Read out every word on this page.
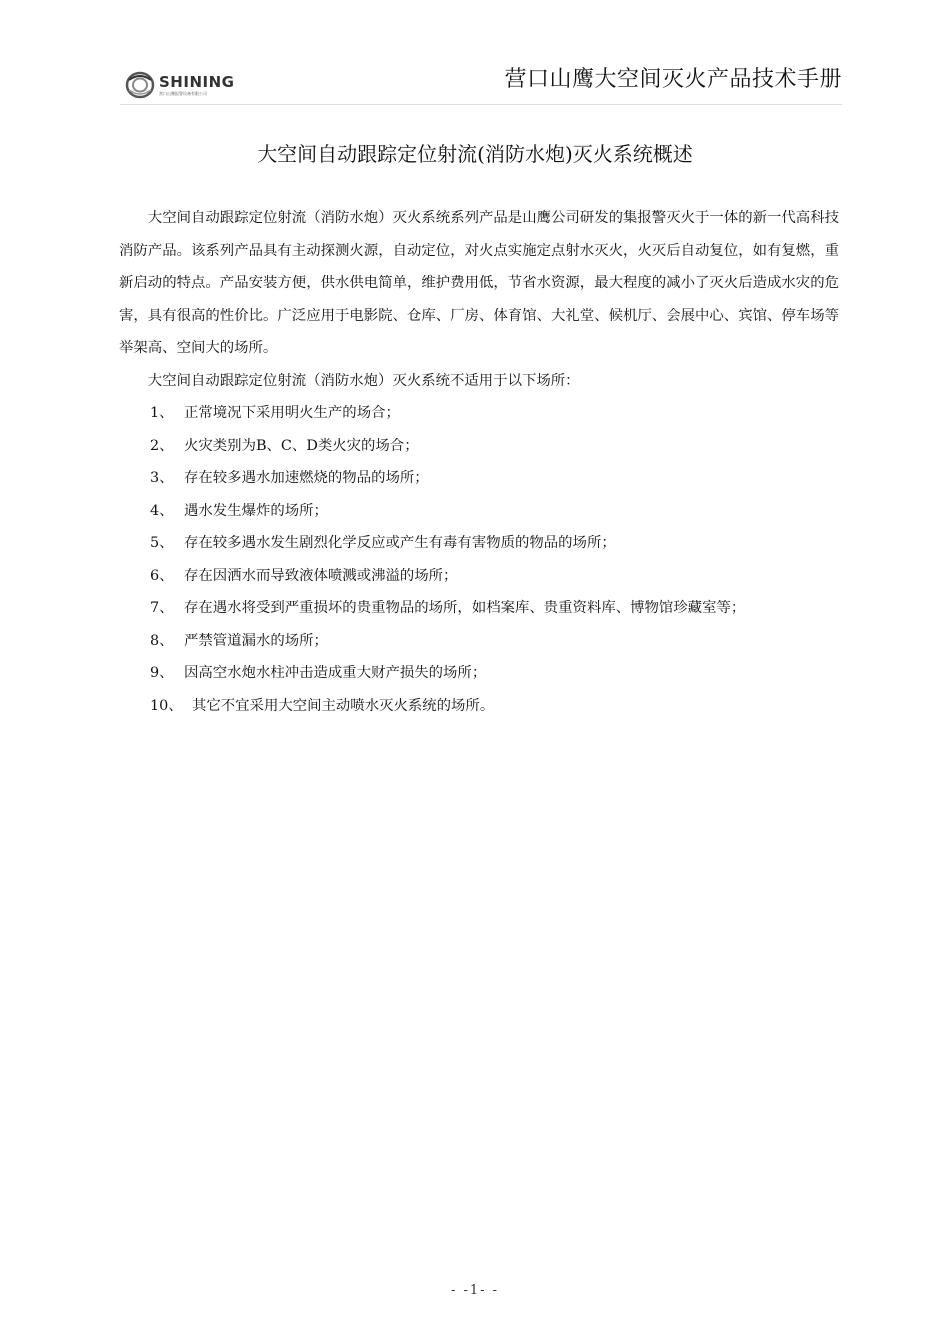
SHINING
营口山鹰报警设备有限公司
营口山鹰大空间灭火产品技术手册
大空间自动跟踪定位射流(消防水炮)灭火系统概述

大空间自动跟踪定位射流（消防水炮）灭火系统系列产品是山鹰公司研发的集报警灭火于一体的新一代高科技消防产品。该系列产品具有主动探测火源，自动定位，对火点实施定点射水灭火，火灭后自动复位，如有复燃，重新启动的特点。产品安装方便，供水供电简单，维护费用低，节省水资源，最大程度的减小了灭火后造成水灾的危害，具有很高的性价比。广泛应用于电影院、仓库、厂房、体育馆、大礼堂、候机厅、会展中心、宾馆、停车场等举架高、空间大的场所。

大空间自动跟踪定位射流（消防水炮）灭火系统不适用于以下场所：

1、 正常境况下采用明火生产的场合；
2、 火灾类别为B、C、D类火灾的场合；
3、 存在较多遇水加速燃烧的物品的场所；
4、 遇水发生爆炸的场所；
5、 存在较多遇水发生剧烈化学反应或产生有毒有害物质的物品的场所；
6、 存在因洒水而导致液体喷溅或沸溢的场所；
7、 存在遇水将受到严重损坏的贵重物品的场所，如档案库、贵重资料库、博物馆珍藏室等；
8、 严禁管道漏水的场所；
9、 因高空水炮水柱冲击造成重大财产损失的场所；
10、 其它不宜采用大空间主动喷水灭火系统的场所。
- -1- -
